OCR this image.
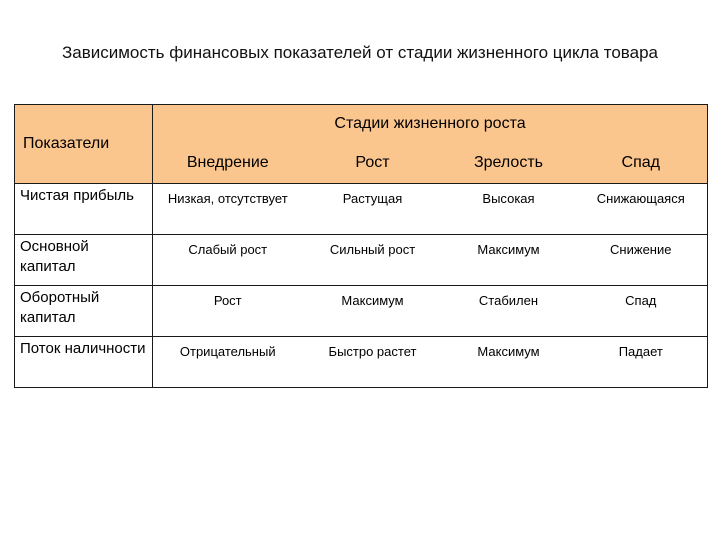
Зависимость финансовых показателей от стадии жизненного цикла товара
Показатели	Стадии жизненного роста			
	Внедрение	Рост	Зрелость	Спад
Чистая прибыль	Низкая, отсутствует	Растущая	Высокая	Снижающаяся
Основной капитал	Слабый рост	Сильный рост	Максимум	Снижение
Оборотный капитал	Рост	Максимум	Стабилен	Спад
Поток наличности	Отрицательный	Быстро растет	Максимум	Падает
